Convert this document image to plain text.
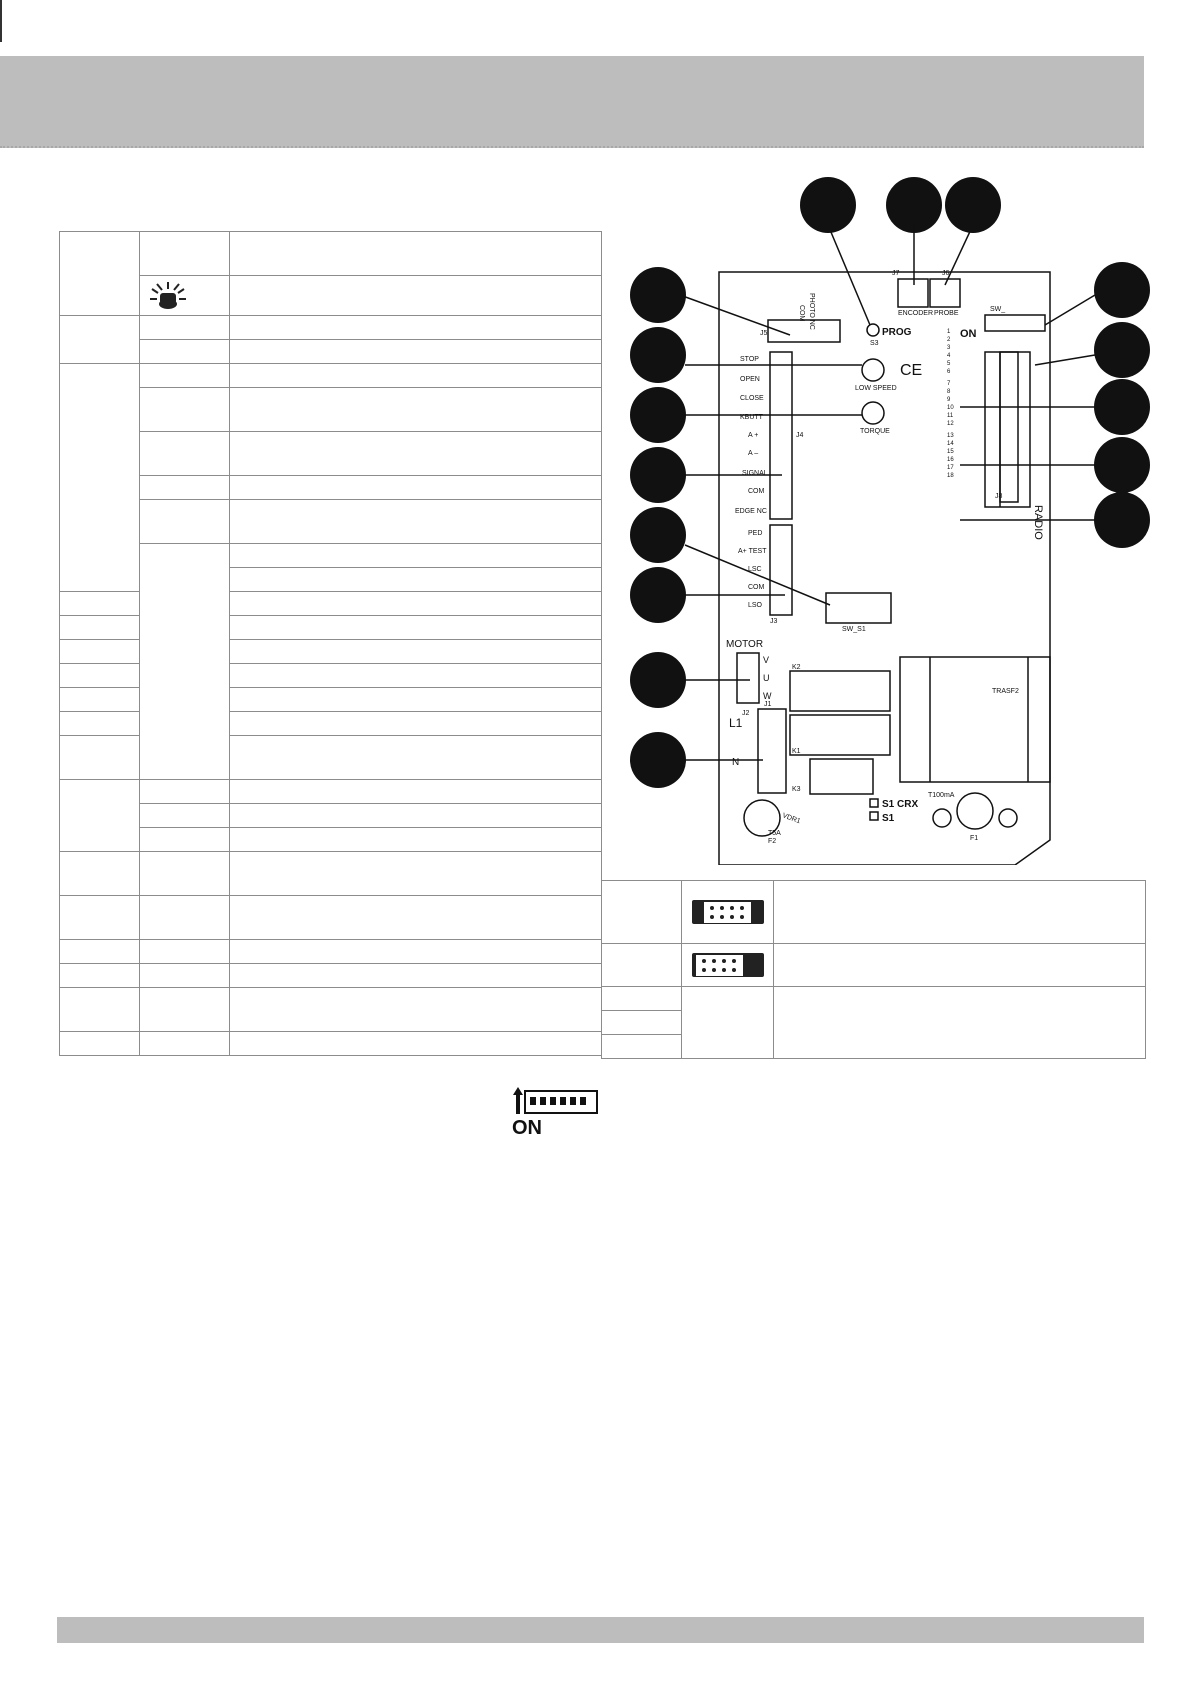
ON
PHOTO NC
COM
J5
J7
ENCODER
J6
PROBE
PROG
S3
SW_
ON
LOW SPEED
TORQUE
CE
STOP
OPEN
CLOSE
KBUTT
A +
A –
SIGNAL
COM
EDGE NC
J4
PED
A+ TEST
LSC
COM
LSO
J3
SW_S1
MOTOR
V
U
W
J2
K2
K1
K3
J1
L1
N
TRASF2
T100mA
F1
T5A
F2
VDR1
S1 CRX
S1
J8
RADIO
1
2
3
4
5
6
7
8
9
10
11
12
13
14
15
16
17
18
